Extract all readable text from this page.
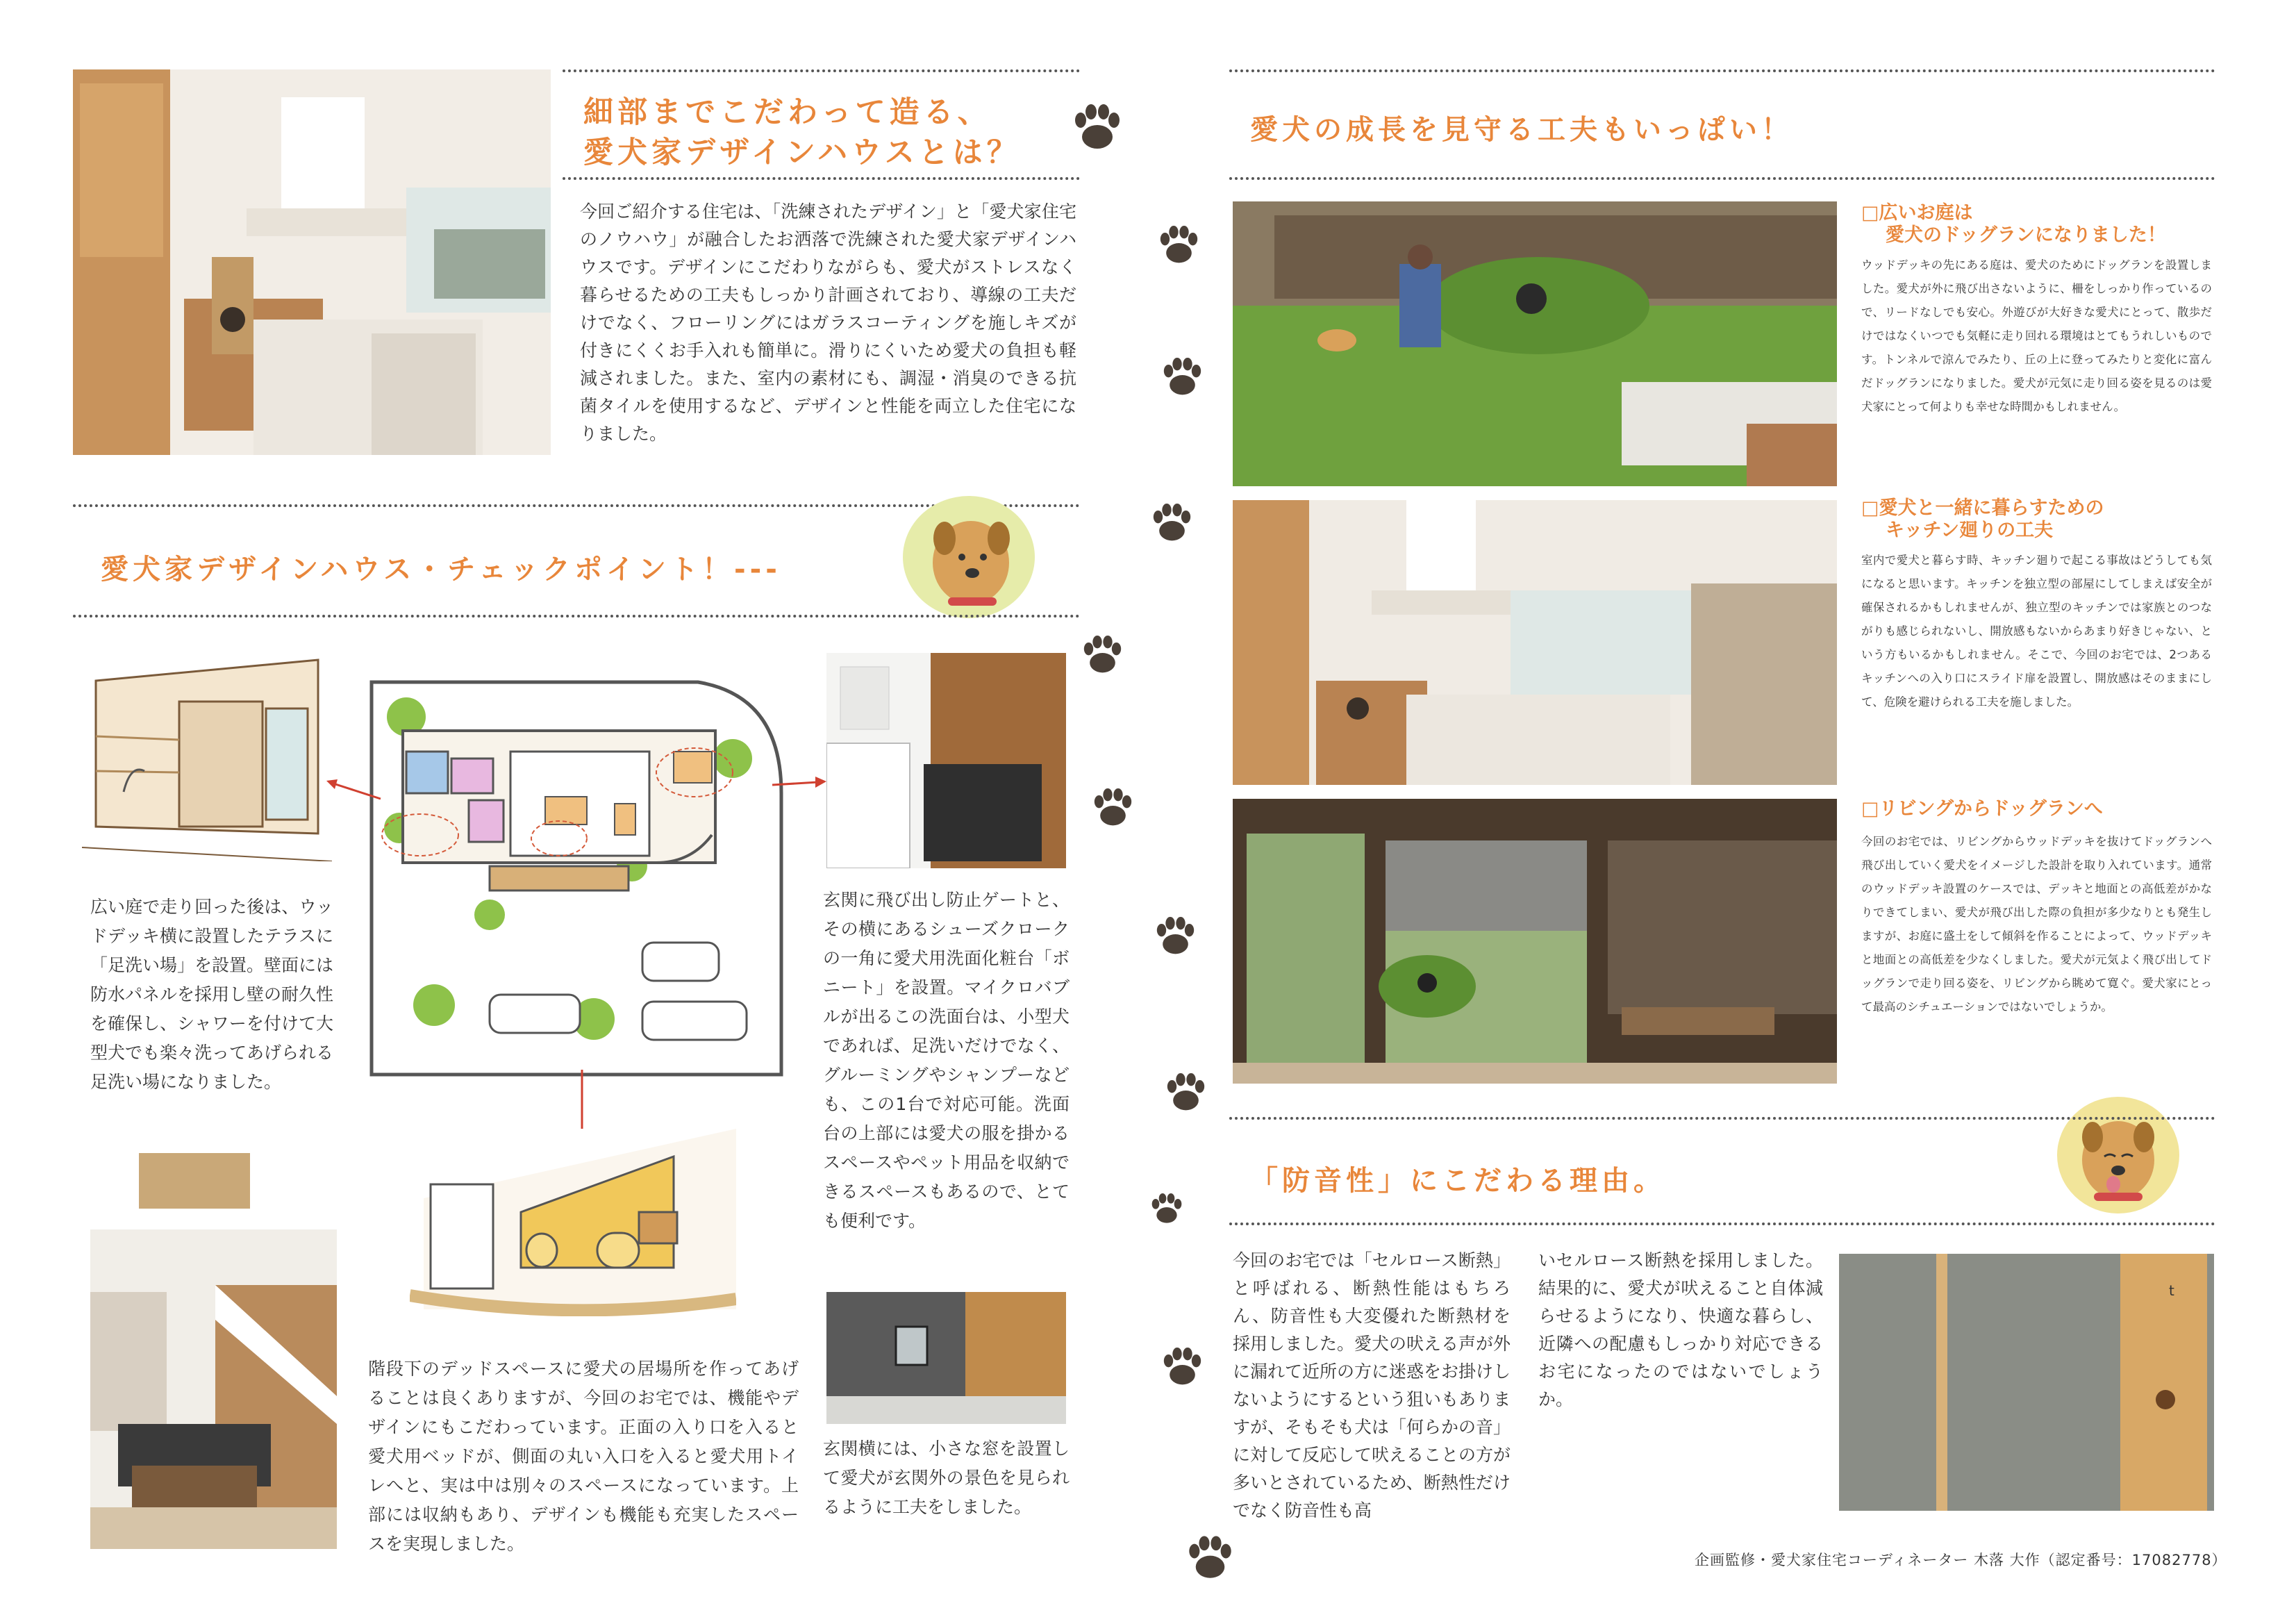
細部までこだわって造る、
愛犬家デザインハウスとは？
今回ご紹介する住宅は、「洗練されたデザイン」と「愛犬家住宅のノウハウ」が融合したお洒落で洗練された愛犬家デザインハウスです。デザインにこだわりながらも、愛犬がストレスなく暮らせるための工夫もしっかり計画されており、導線の工夫だけでなく、フローリングにはガラスコーティングを施しキズが付きにくくお手入れも簡単に。滑りにくいため愛犬の負担も軽減されました。また、室内の素材にも、調湿・消臭のできる抗菌タイルを使用するなど、デザインと性能を両立した住宅になりました。
愛犬家デザインハウス・チェックポイント！---
広い庭で走り回った後は、ウッドデッキ横に設置したテラスに「足洗い場」を設置。壁面には防水パネルを採用し壁の耐久性を確保し、シャワーを付けて大型犬でも楽々洗ってあげられる足洗い場になりました。
玄関に飛び出し防止ゲートと、その横にあるシューズクロークの一角に愛犬用洗面化粧台「ボニート」を設置。マイクロバブルが出るこの洗面台は、小型犬であれば、足洗いだけでなく、グルーミングやシャンプーなども、この1台で対応可能。洗面台の上部には愛犬の服を掛かるスペースやペット用品を収納できるスペースもあるので、とても便利です。
階段下のデッドスペースに愛犬の居場所を作ってあげることは良くありますが、今回のお宅では、機能やデザインにもこだわっています。正面の入り口を入ると愛犬用ベッドが、側面の丸い入口を入ると愛犬用トイレへと、実は中は別々のスペースになっています。上部には収納もあり、デザインも機能も充実したスペースを実現しました。
玄関横には、小さな窓を設置して愛犬が玄関外の景色を見られるように工夫をしました。
愛犬の成長を見守る工夫もいっぱい！
□広いお庭は
愛犬のドッグランになりました！
ウッドデッキの先にある庭は、愛犬のためにドッグランを設置しました。愛犬が外に飛び出さないように、柵をしっかり作っているので、リードなしでも安心。外遊びが大好きな愛犬にとって、散歩だけではなくいつでも気軽に走り回れる環境はとてもうれしいものです。トンネルで涼んでみたり、丘の上に登ってみたりと変化に富んだドッグランになりました。愛犬が元気に走り回る姿を見るのは愛犬家にとって何よりも幸せな時間かもしれません。
□愛犬と一緒に暮らすための
キッチン廻りの工夫
室内で愛犬と暮らす時、キッチン廻りで起こる事故はどうしても気になると思います。キッチンを独立型の部屋にしてしまえば安全が確保されるかもしれませんが、独立型のキッチンでは家族とのつながりも感じられないし、開放感もないからあまり好きじゃない、という方もいるかもしれません。そこで、今回のお宅では、2つあるキッチンへの入り口にスライド扉を設置し、開放感はそのままにして、危険を避けられる工夫を施しました。
□リビングからドッグランへ
今回のお宅では、リビングからウッドデッキを抜けてドッグランへ飛び出していく愛犬をイメージした設計を取り入れています。通常のウッドデッキ設置のケースでは、デッキと地面との高低差がかなりできてしまい、愛犬が飛び出した際の負担が多少なりとも発生しますが、お庭に盛土をして傾斜を作ることによって、ウッドデッキと地面との高低差を少なくしました。愛犬が元気よく飛び出してドッグランで走り回る姿を、リビングから眺めて寛ぐ。愛犬家にとって最高のシチュエーションではないでしょうか。
「防音性」にこだわる理由。
今回のお宅では「セルロース断熱」と呼ばれる、断熱性能はもちろん、防音性も大変優れた断熱材を採用しました。愛犬の吠える声が外に漏れて近所の方に迷惑をお掛けしないようにするという狙いもありますが、そもそも犬は「何らかの音」に対して反応して吠えることの方が多いとされているため、断熱性だけでなく防音性も高
いセルロース断熱を採用しました。結果的に、愛犬が吠えること自体減らせるようになり、快適な暮らし、近隣への配慮もしっかり対応できるお宅になったのではないでしょうか。
t
企画監修・愛犬家住宅コーディネーター 木落 大作（認定番号：17082778）
